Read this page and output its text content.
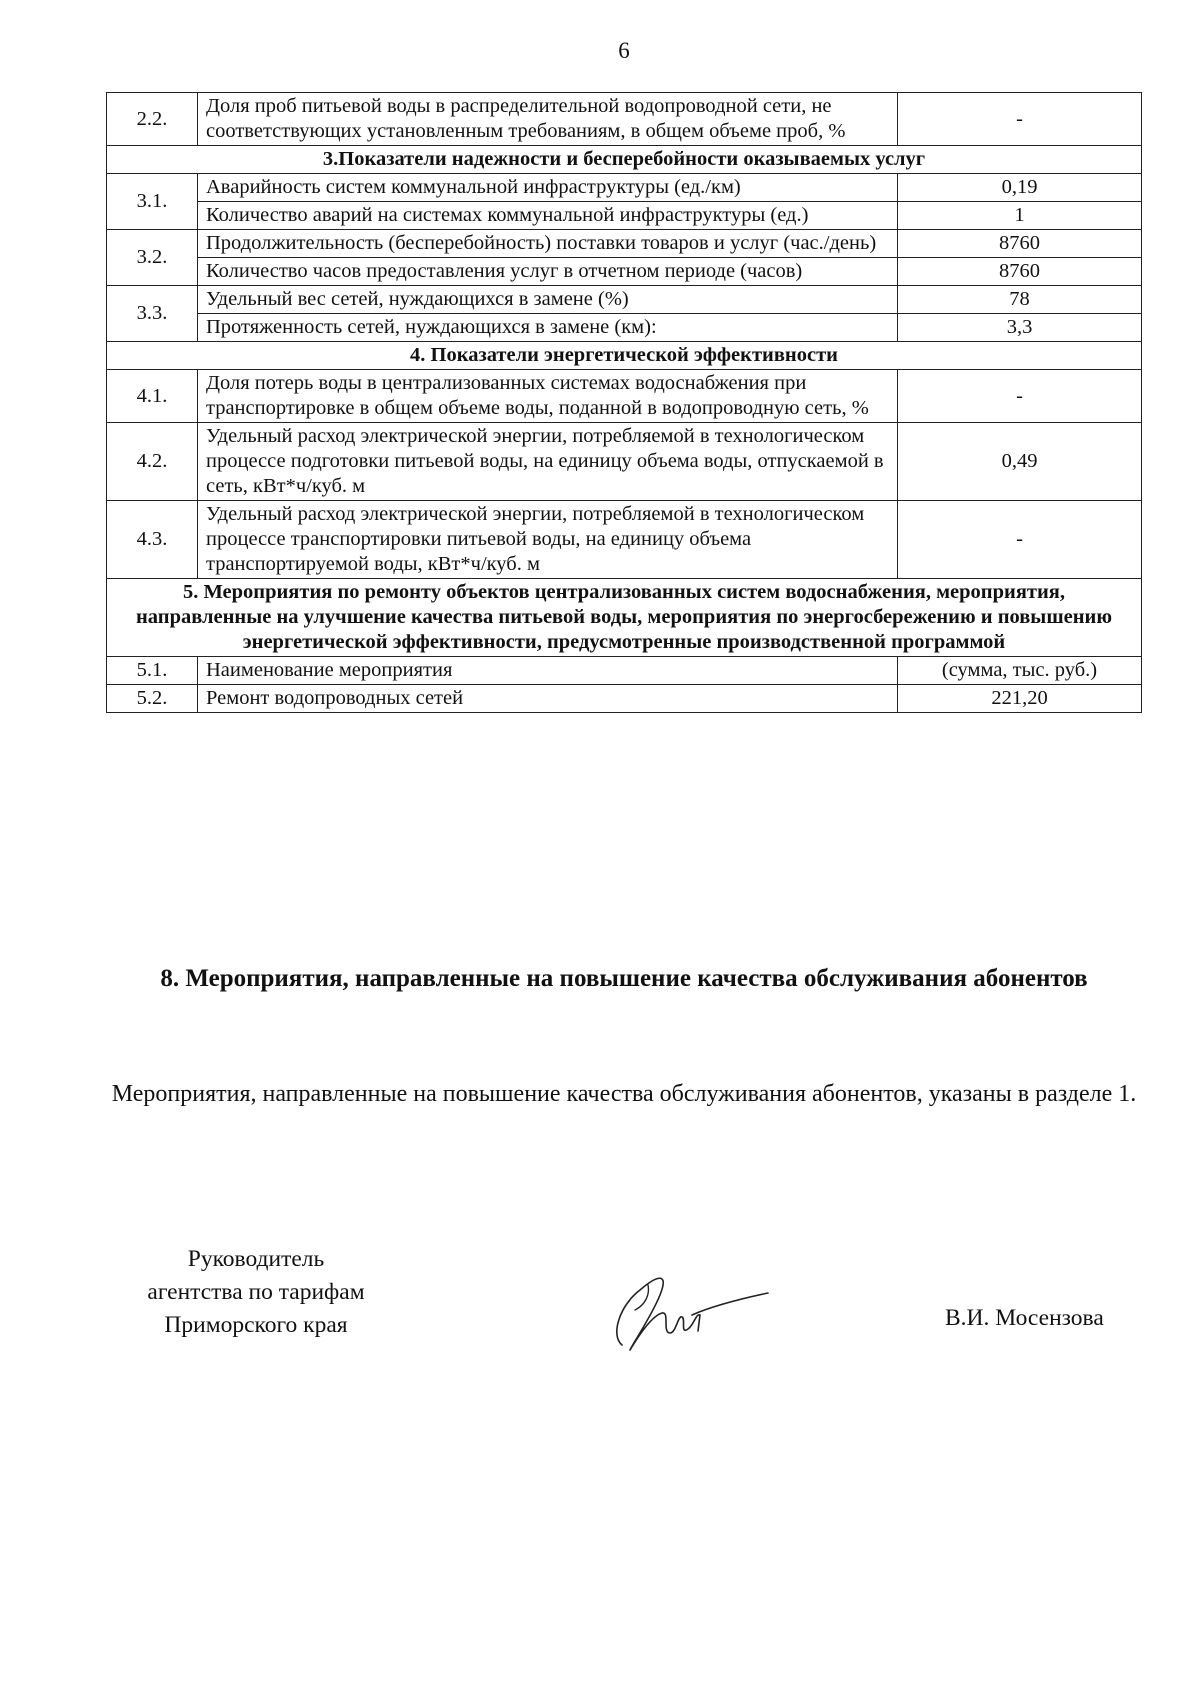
6
2.2.	Доля проб питьевой воды в распределительной водопроводной сети, не соответствующих установленным требованиям, в общем объеме проб, %	-
3.Показатели надежности и бесперебойности оказываемых услуг		
3.1.	Аварийность систем коммунальной инфраструктуры (ед./км)	0,19
	Количество аварий на системах коммунальной инфраструктуры (ед.)	1
3.2.	Продолжительность (бесперебойность) поставки товаров и услуг (час./день)	8760
	Количество часов предоставления услуг в отчетном периоде (часов)	8760
3.3.	Удельный вес сетей, нуждающихся в замене (%)	78
	Протяженность сетей, нуждающихся в замене (км):	3,3
4. Показатели энергетической эффективности		
4.1.	Доля потерь воды в централизованных системах водоснабжения при транспортировке в общем объеме воды, поданной в водопроводную сеть, %	-
4.2.	Удельный расход электрической энергии, потребляемой в технологическом процессе подготовки питьевой воды, на единицу объема воды, отпускаемой в сеть, кВт*ч/куб. м	0,49
4.3.	Удельный расход электрической энергии, потребляемой в технологическом процессе транспортировки питьевой воды, на единицу объема транспортируемой воды, кВт*ч/куб. м	-
5. Мероприятия по ремонту объектов централизованных систем водоснабжения, мероприятия, направленные на улучшение качества питьевой воды, мероприятия по энергосбережению и повышению энергетической эффективности, предусмотренные производственной программой		
5.1.	Наименование мероприятия	(сумма, тыс. руб.)
5.2.	Ремонт водопроводных сетей	221,20
8. Мероприятия, направленные на повышение качества обслуживания абонентов
Мероприятия, направленные на повышение качества обслуживания абонентов, указаны в разделе 1.
Руководитель
агентства по тарифам
Приморского края	В.И. Мосензова
